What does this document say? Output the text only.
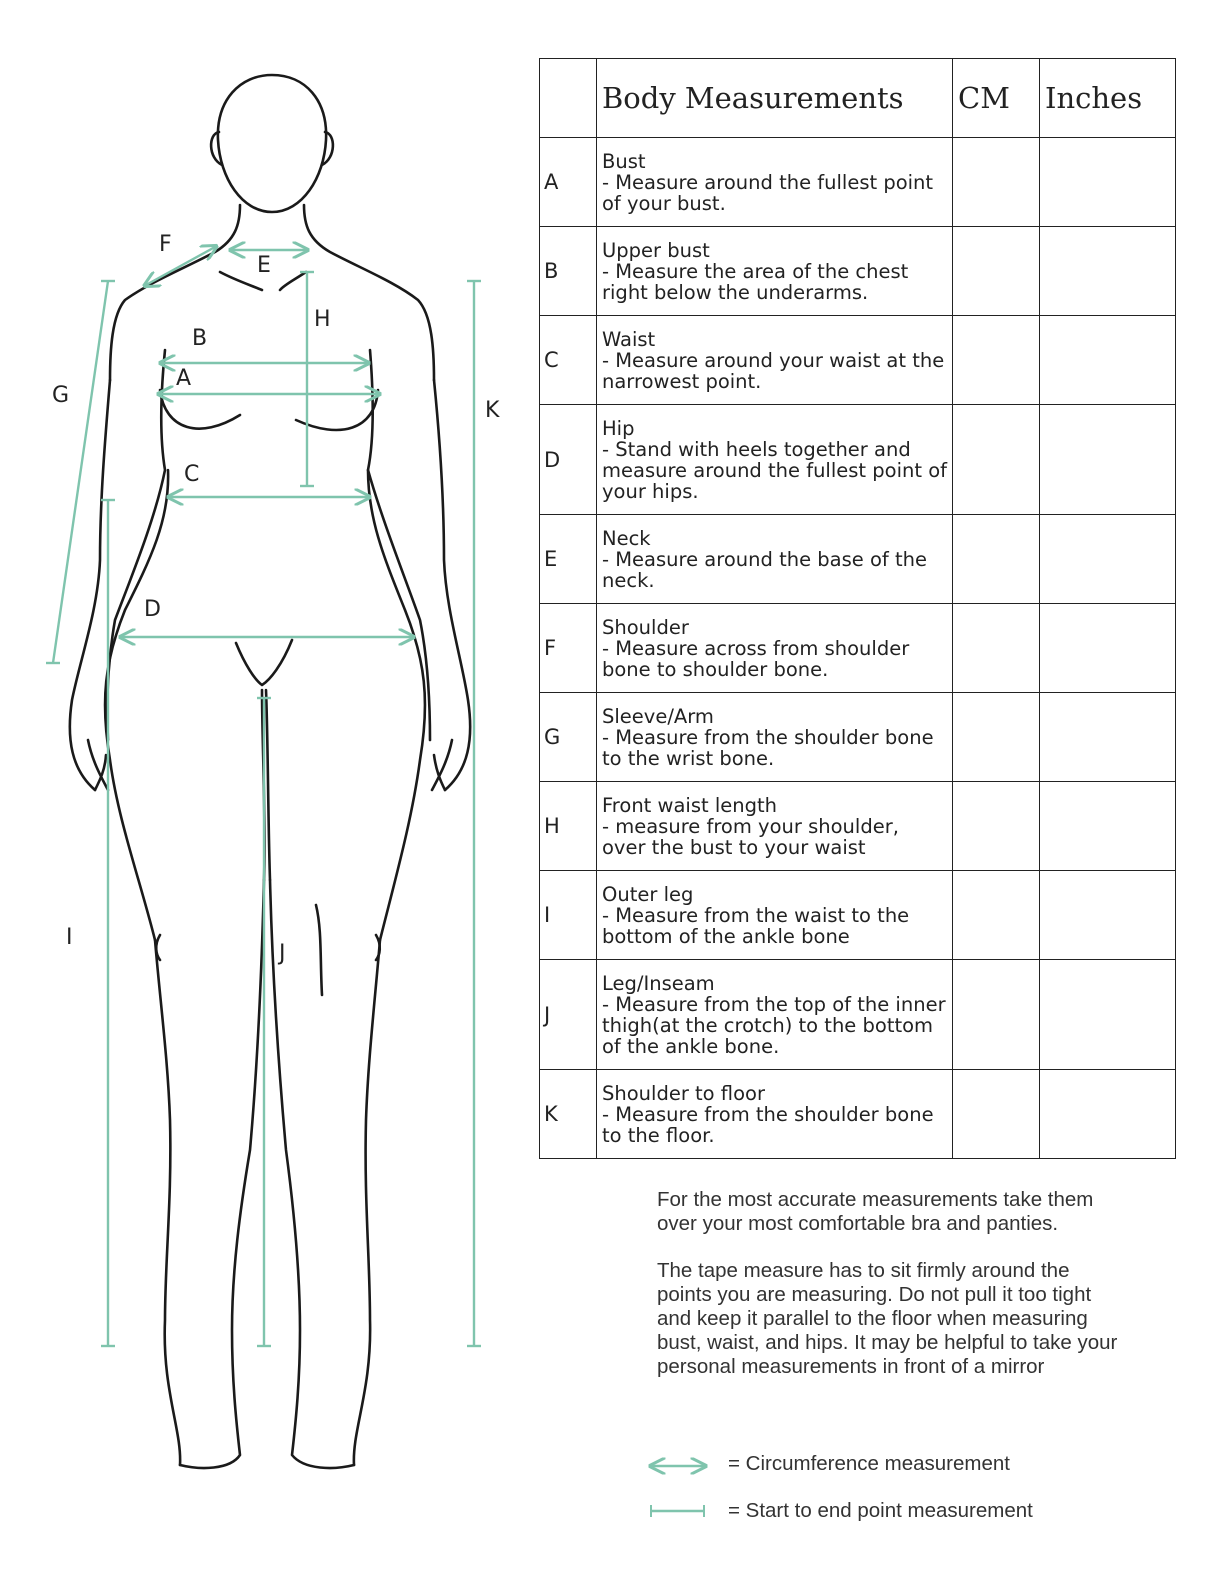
F
E
H
B
A
G
K
C
D
I
J
	Body Measurements	CM	Inches
A	Bust
- Measure around the fullest point of your bust.		

B	Upper bust
- Measure the area of the chest right below the underarms.		

C	Waist
- Measure around your waist at the narrowest point.		

D	Hip
- Stand with heels together and measure around the fullest point of your hips.		

E	Neck
- Measure around the base of the neck.		

F	Shoulder
- Measure across from shoulder bone to shoulder bone.		

G	Sleeve/Arm
- Measure from the shoulder bone to the wrist bone.		

H	Front waist length
- measure from your shoulder, over the bust to your waist		

I	Outer leg
- Measure from the waist to the bottom of the ankle bone		

J	Leg/Inseam
- Measure from the top of the inner thigh(at the crotch) to the bottom of the ankle bone.		

K	Shoulder to floor
- Measure from the shoulder bone to the floor.		

For the most accurate measurements take them over your most comfortable bra and panties.

The tape measure has to sit firmly around the points you are measuring. Do not pull it too tight and keep it parallel to the floor when measuring bust, waist, and hips. It may be helpful to take your personal measurements in front of a mirror

= Circumference measurement
= Start to end point measurement
